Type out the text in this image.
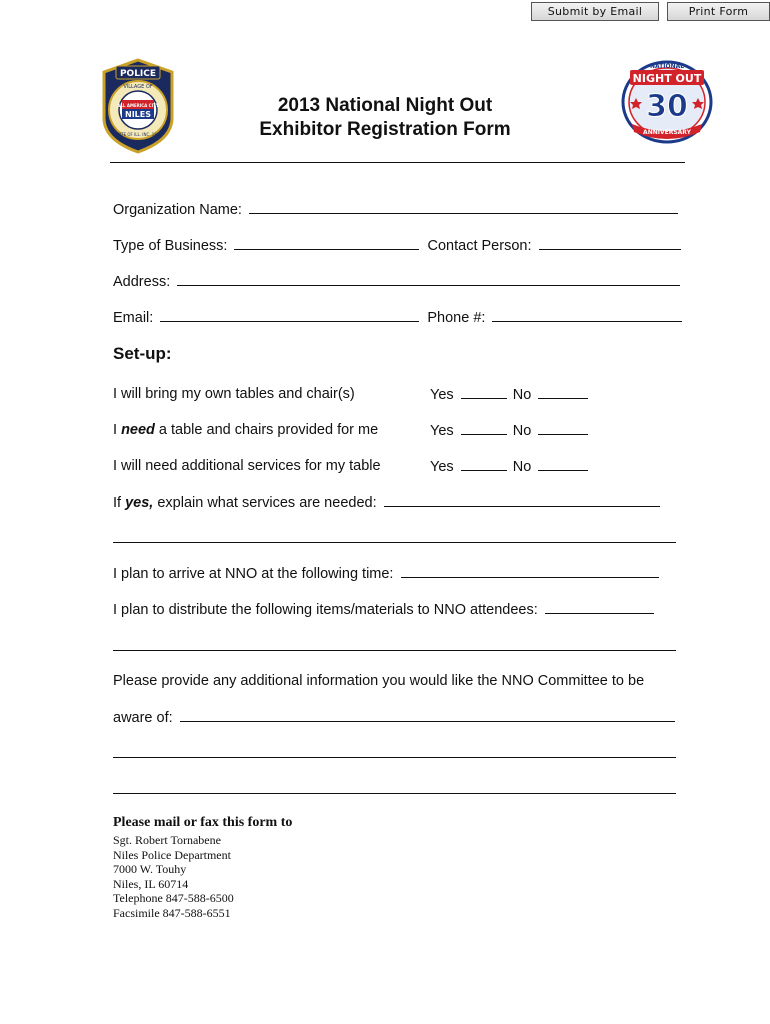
Submit by Email	Print Form
POLICE
VILLAGE OF
ALL AMERICA CITY
NILES
STATE OF ILL. INC. 1899
NATIONAL
NIGHT OUT
30
ANNIVERSARY
2013 National Night Out
Exhibitor Registration Form
Organization Name:
Type of Business:	Contact Person:
Address:
Email:	Phone #:
Set-up:
I will bring my own tables and chair(s)	Yes	No
I need a table and chairs provided for me	Yes	No
I will need additional services for my table	Yes	No
If yes, explain what services are needed:
I plan to arrive at NNO at the following time:
I plan to distribute the following items/materials to NNO attendees:
Please provide any additional information you would like the NNO Committee to be
aware of:
Please mail or fax this form to
Sgt. Robert Tornabene
Niles Police Department
7000 W. Touhy
Niles, IL 60714
Telephone 847-588-6500
Facsimile 847-588-6551
